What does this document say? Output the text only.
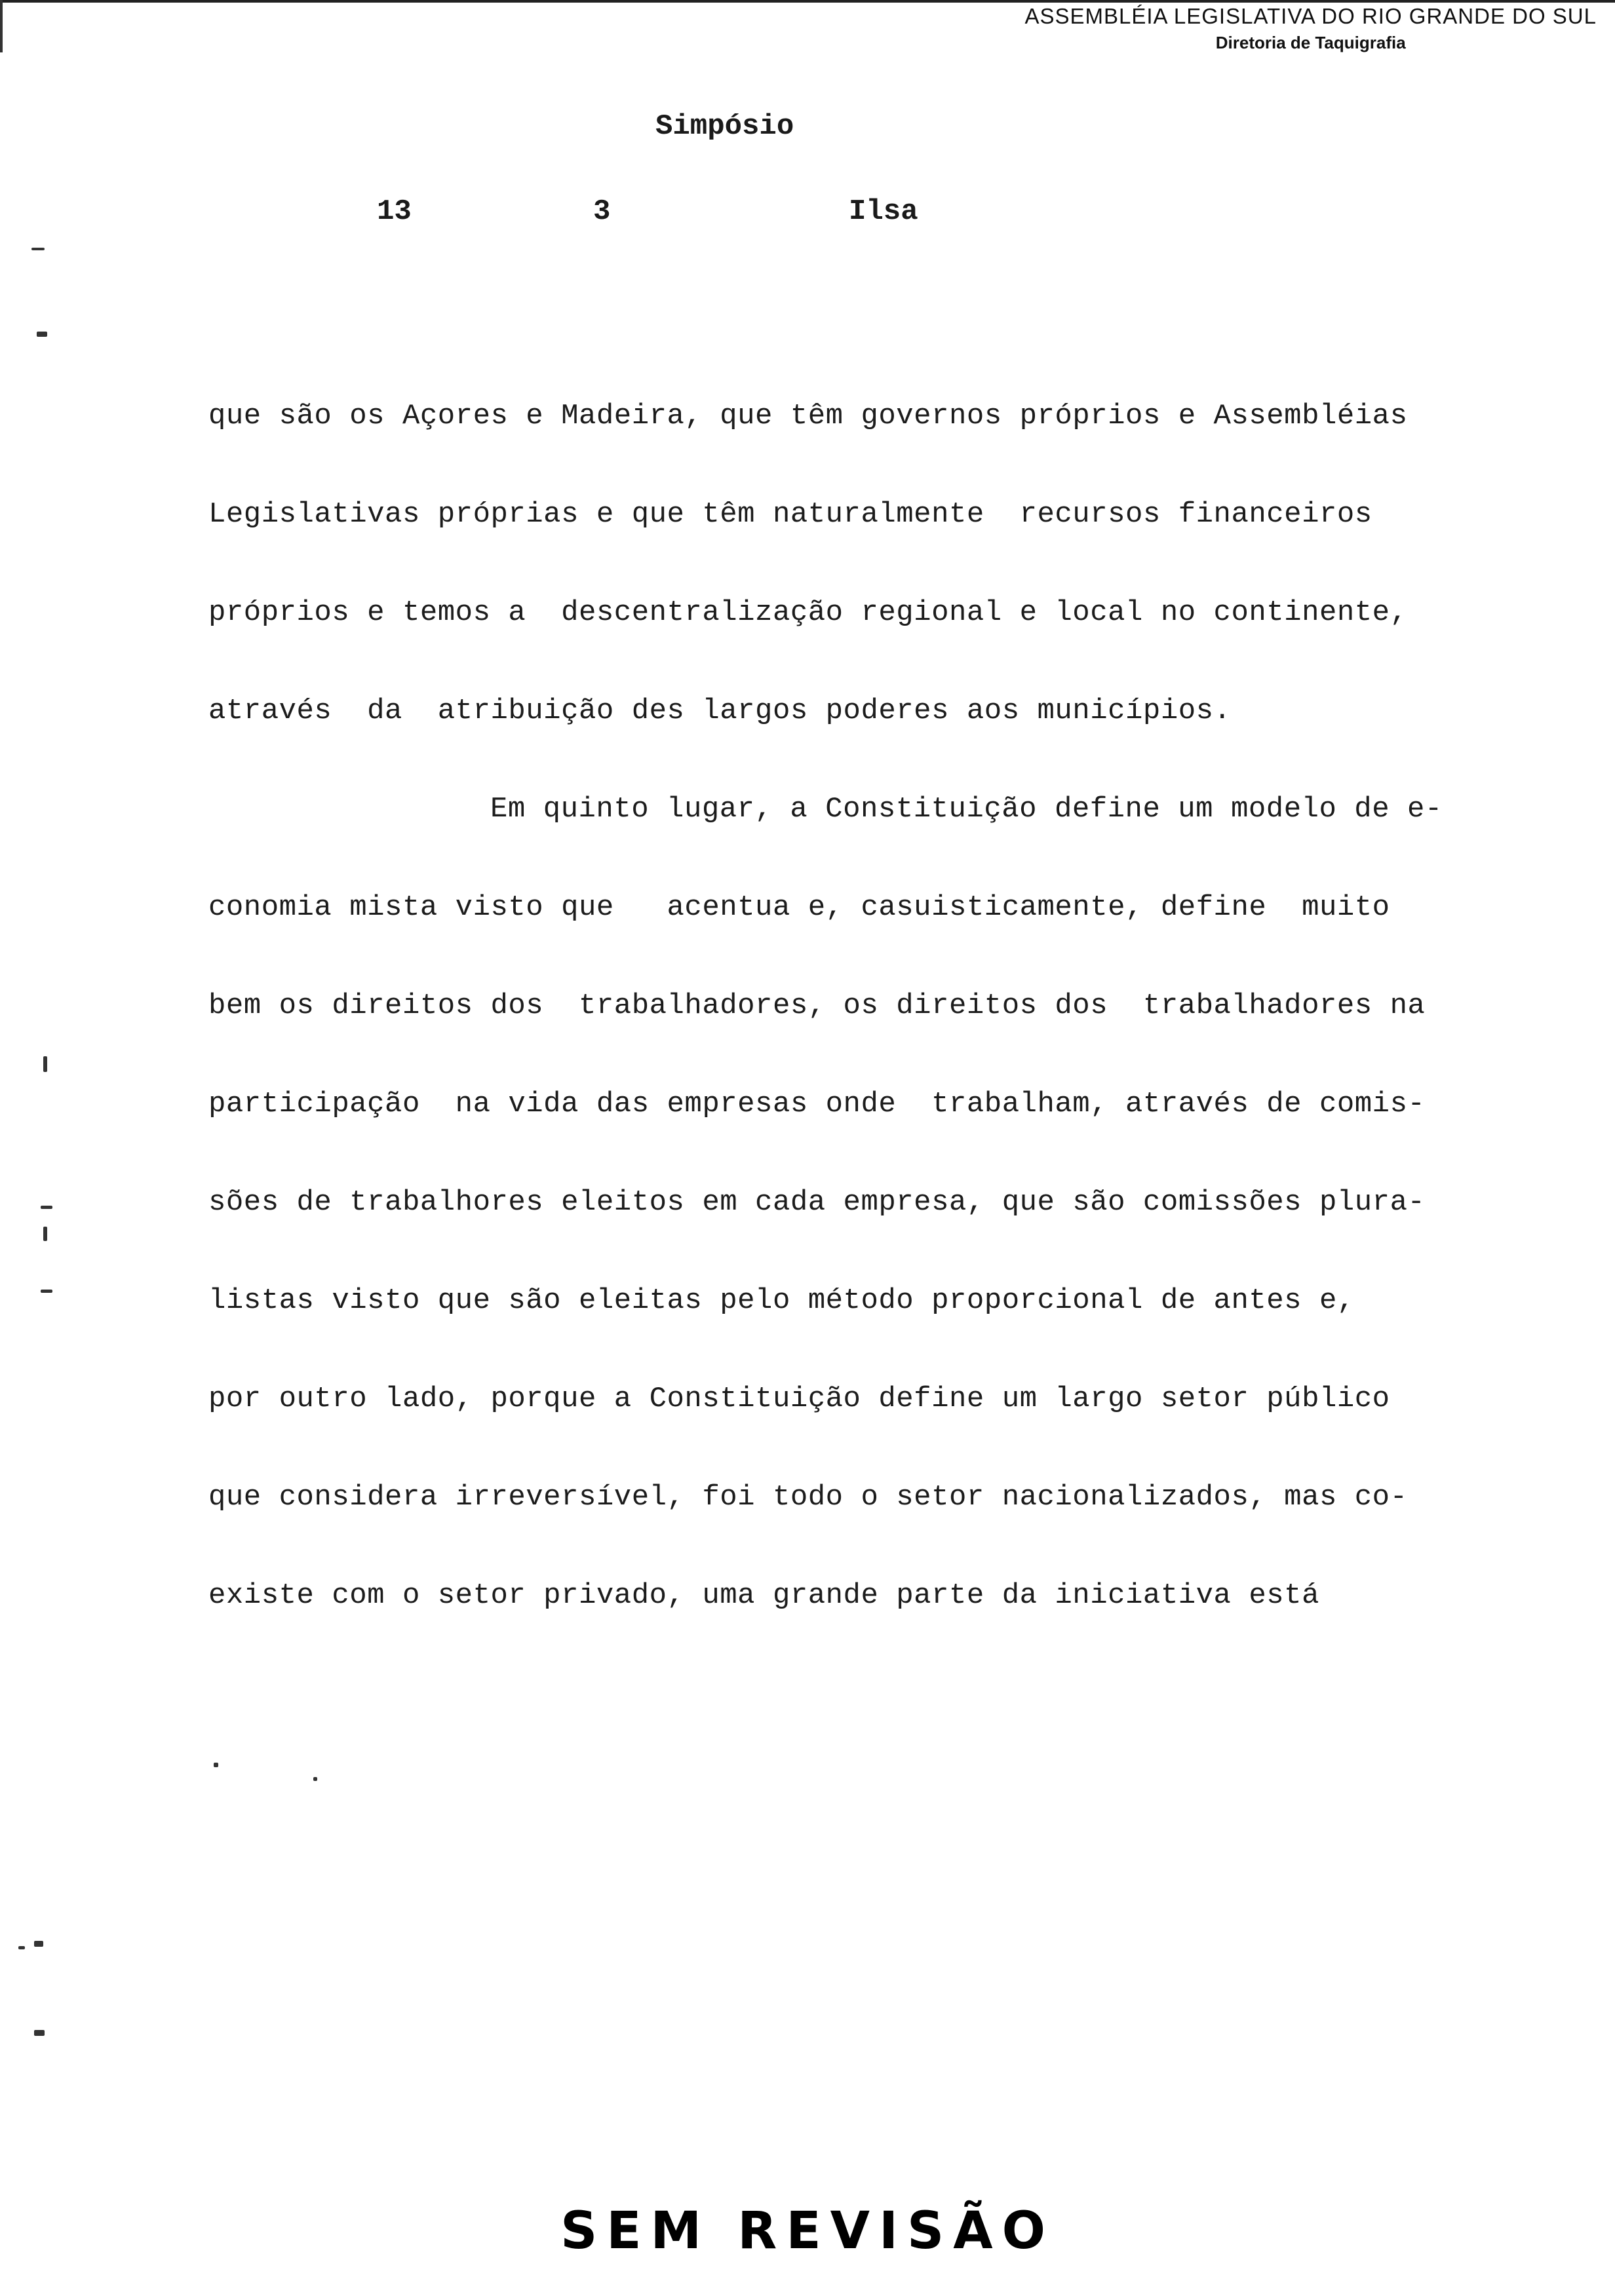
ASSEMBLÉIA LEGISLATIVA DO RIO GRANDE DO SUL
Diretoria de Taquigrafia
Simpósio
13	3	Ilsa
que são os Açores e Madeira, que têm governos próprios e Assembléias
Legislativas próprias e que têm naturalmente  recursos financeiros
próprios e temos a  descentralização regional e local no continente,
através  da  atribuição des largos poderes aos municípios.
Em quinto lugar, a Constituição define um modelo de e-
conomia mista visto que   acentua e, casuisticamente, define  muito
bem os direitos dos  trabalhadores, os direitos dos  trabalhadores na
participação  na vida das empresas onde  trabalham, através de comis-
sões de trabalhores eleitos em cada empresa, que são comissões plura-
listas visto que são eleitas pelo método proporcional de antes e,
por outro lado, porque a Constituição define um largo setor público
que considera irreversível, foi todo o setor nacionalizados, mas co-
existe com o setor privado, uma grande parte da iniciativa está
SEM REVISÃO
